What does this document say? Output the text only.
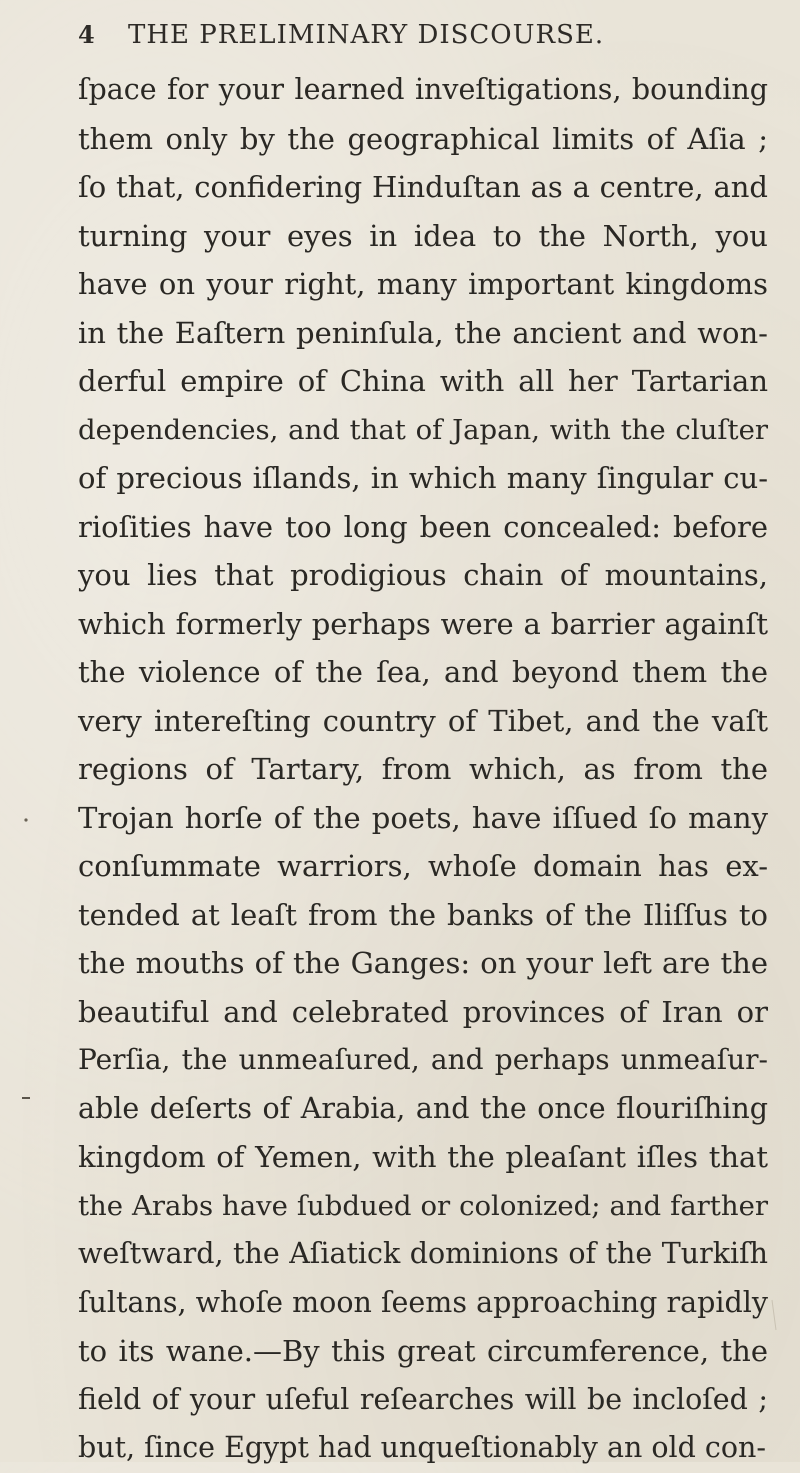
4 THE PRELIMINARY DISCOURSE.
ſpace for your learned inveſtigations, bounding
them only by the geographical limits of Aſia ;
ſo that, confidering Hinduſtan as a centre, and
turning your eyes in idea to the North, you
have on your right, many important kingdoms
in the Eaſtern peninſula, the ancient and won-
derful empire of China with all her Tartarian
dependencies, and that of Japan, with the cluſter
of precious iſlands, in which many ſingular cu-
rioſities have too long been concealed: before
you lies that prodigious chain of mountains,
which formerly perhaps were a barrier againſt
the violence of the ſea, and beyond them the
very intereſting country of Tibet, and the vaſt
regions of Tartary, from which, as from the
Trojan horſe of the poets, have iſſued ſo many
conſummate warriors, whoſe domain has ex-
tended at leaſt from the banks of the Iliſſus to
the mouths of the Ganges: on your left are the
beautiful and celebrated provinces of Iran or
Perſia, the unmeaſured, and perhaps unmeaſur-
able deſerts of Arabia, and the once flouriſhing
kingdom of Yemen, with the pleaſant iſles that
the Arabs have ſubdued or colonized; and farther
weſtward, the Aſiatick dominions of the Turkiſh
ſultans, whoſe moon ſeems approaching rapidly
to its wane.—By this great circumference, the
field of your uſeful reſearches will be incloſed ;
but, ſince Egypt had unqueſtionably an old con-
